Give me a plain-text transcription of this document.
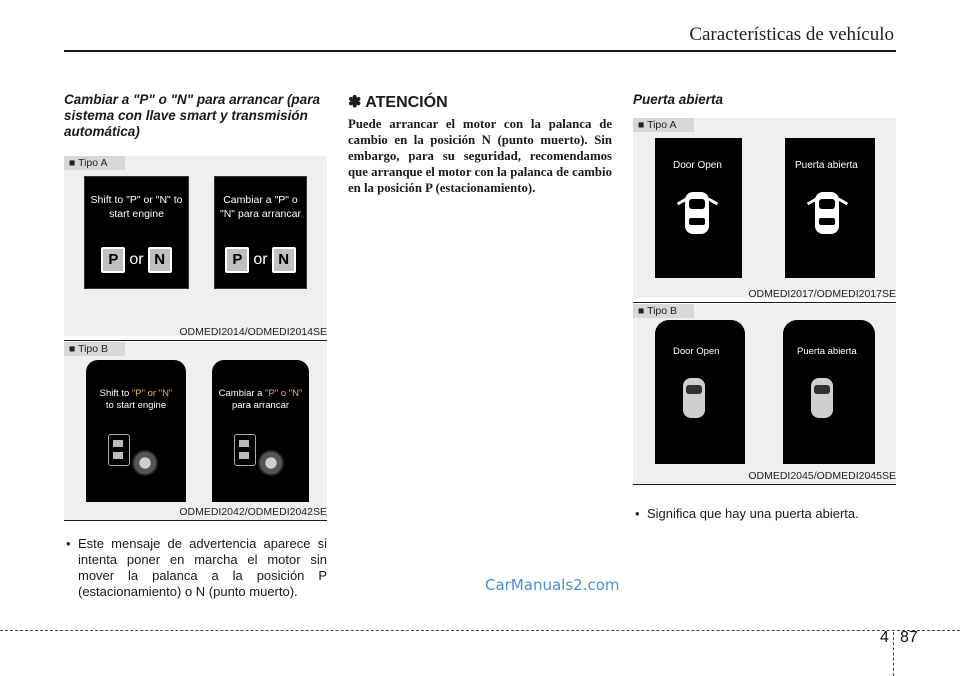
Características de vehículo

Cambiar a "P" o "N" para arrancar (para sistema con llave smart y transmisión automática)

■ Tipo A
Shift to "P" or "N" to start engine
P or N
Cambiar a "P" o "N" para arrancar
P or N
ODMEDI2014/ODMEDI2014SE
■ Tipo B
Shift to "P" or "N"
to start engine
Cambiar a "P" o "N"
para arrancar
ODMEDI2042/ODMEDI2042SE

• Este mensaje de advertencia aparece si intenta poner en marcha el motor sin mover la palanca a la posición P (estacionamiento) o N (punto muerto).

✽ ATENCIÓN

Puede arrancar el motor con la palanca de cambio en la posición N (punto muerto). Sin embargo, para su seguridad, recomendamos que arranque el motor con la palanca de cambio en la posición P (estacionamiento).

Puerta abierta

■ Tipo A
Door Open	Puerta abierta
ODMEDI2017/ODMEDI2017SE
■ Tipo B
Door Open	Puerta abierta
ODMEDI2045/ODMEDI2045SE

• Significa que hay una puerta abierta.

CarManuals2.com
4 87
